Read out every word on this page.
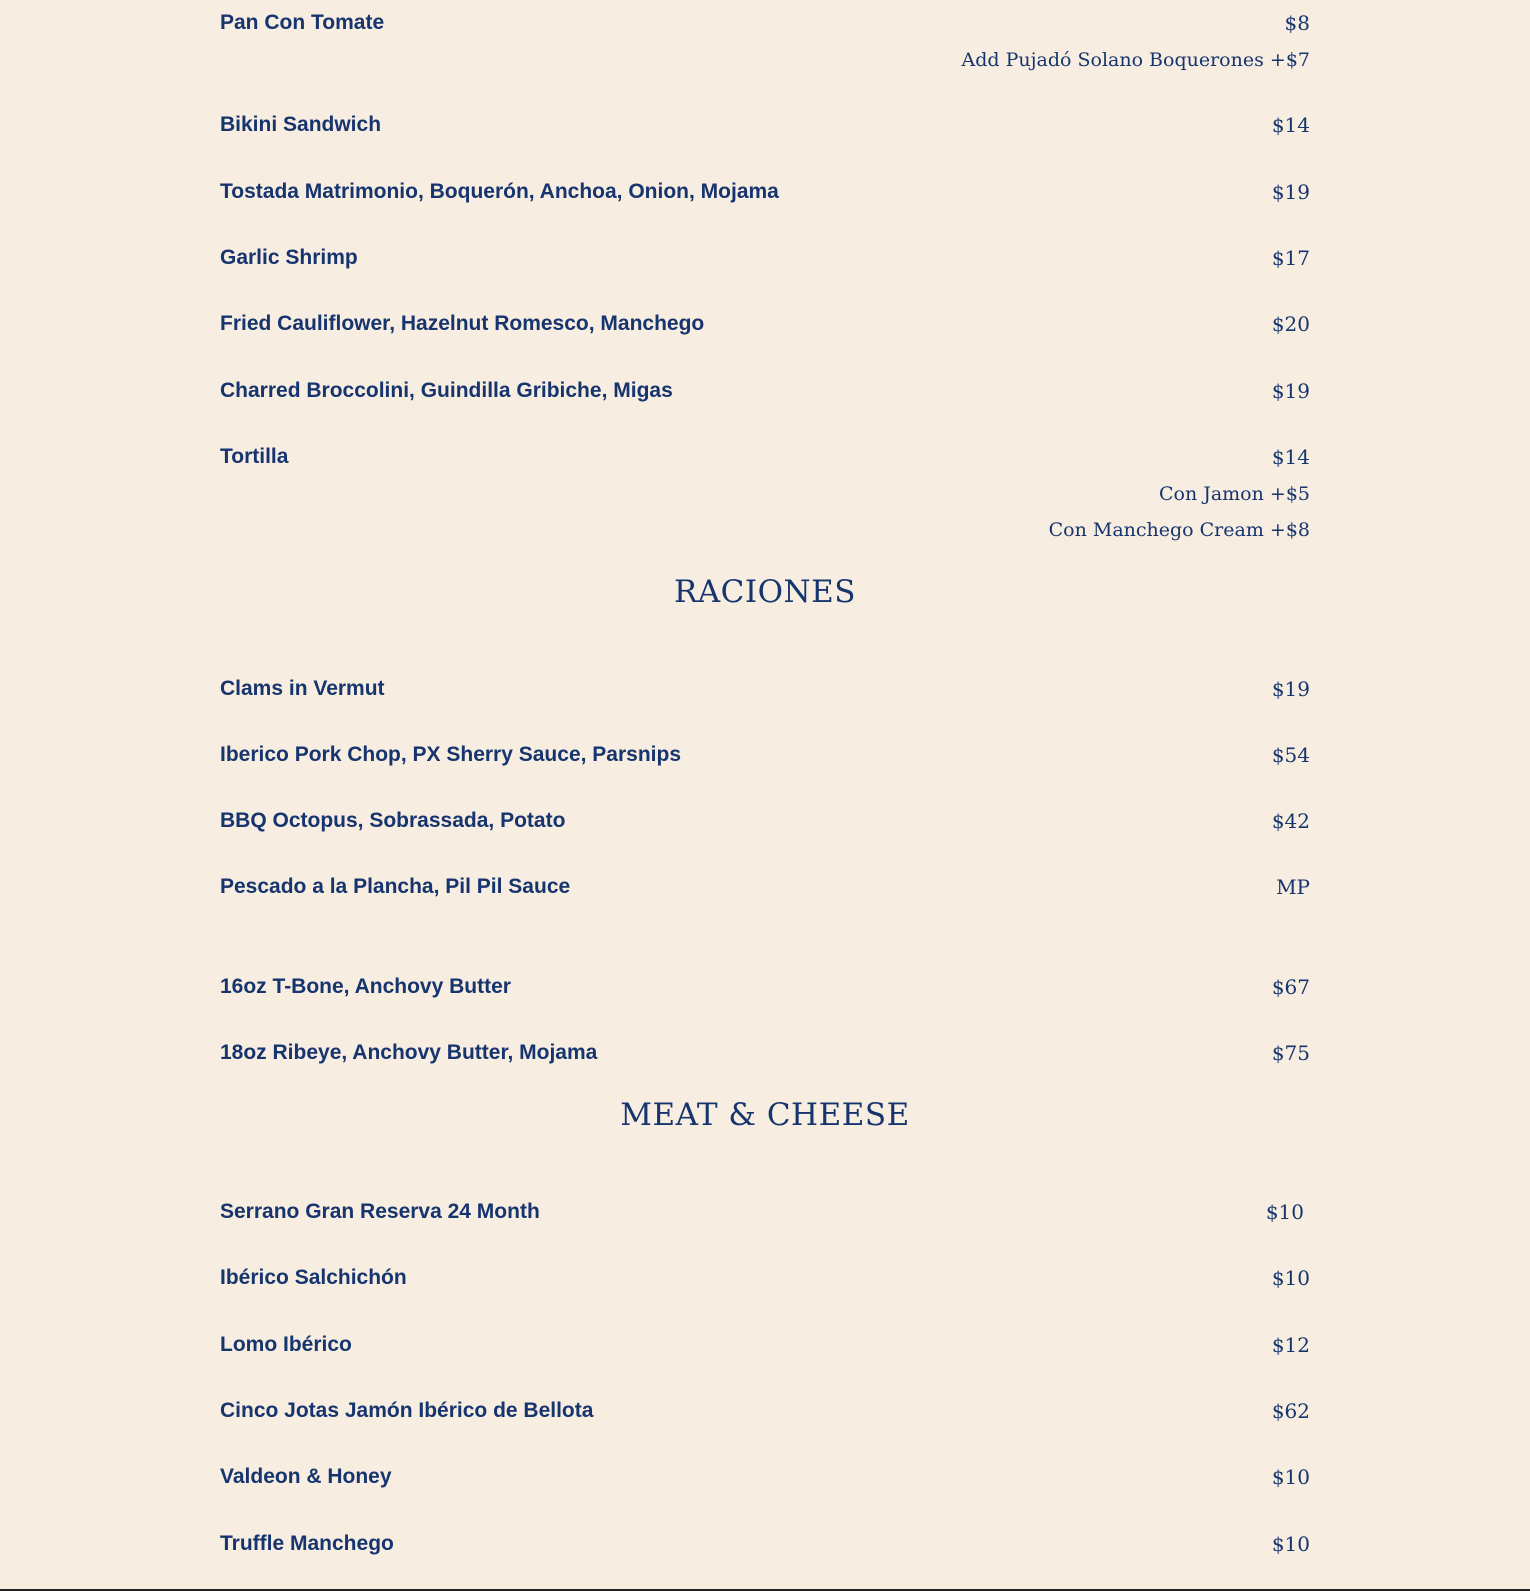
Pan Con Tomate	$8
Add Pujadó Solano Boquerones +$7
Bikini Sandwich	$14
Tostada Matrimonio, Boquerón, Anchoa, Onion, Mojama	$19
Garlic Shrimp	$17
Fried Cauliflower, Hazelnut Romesco, Manchego	$20
Charred Broccolini, Guindilla Gribiche, Migas	$19
Tortilla	$14
Con Jamon +$5
Con Manchego Cream +$8
RACIONES
Clams in Vermut	$19
Iberico Pork Chop, PX Sherry Sauce, Parsnips	$54
BBQ Octopus, Sobrassada, Potato	$42
Pescado a la Plancha, Pil Pil Sauce	MP
16oz T-Bone, Anchovy Butter	$67
18oz Ribeye, Anchovy Butter, Mojama	$75
MEAT & CHEESE
Serrano Gran Reserva 24 Month	$10
Ibérico Salchichón	$10
Lomo Ibérico	$12
Cinco Jotas Jamón Ibérico de Bellota	$62
Valdeon & Honey	$10
Truffle Manchego	$10
